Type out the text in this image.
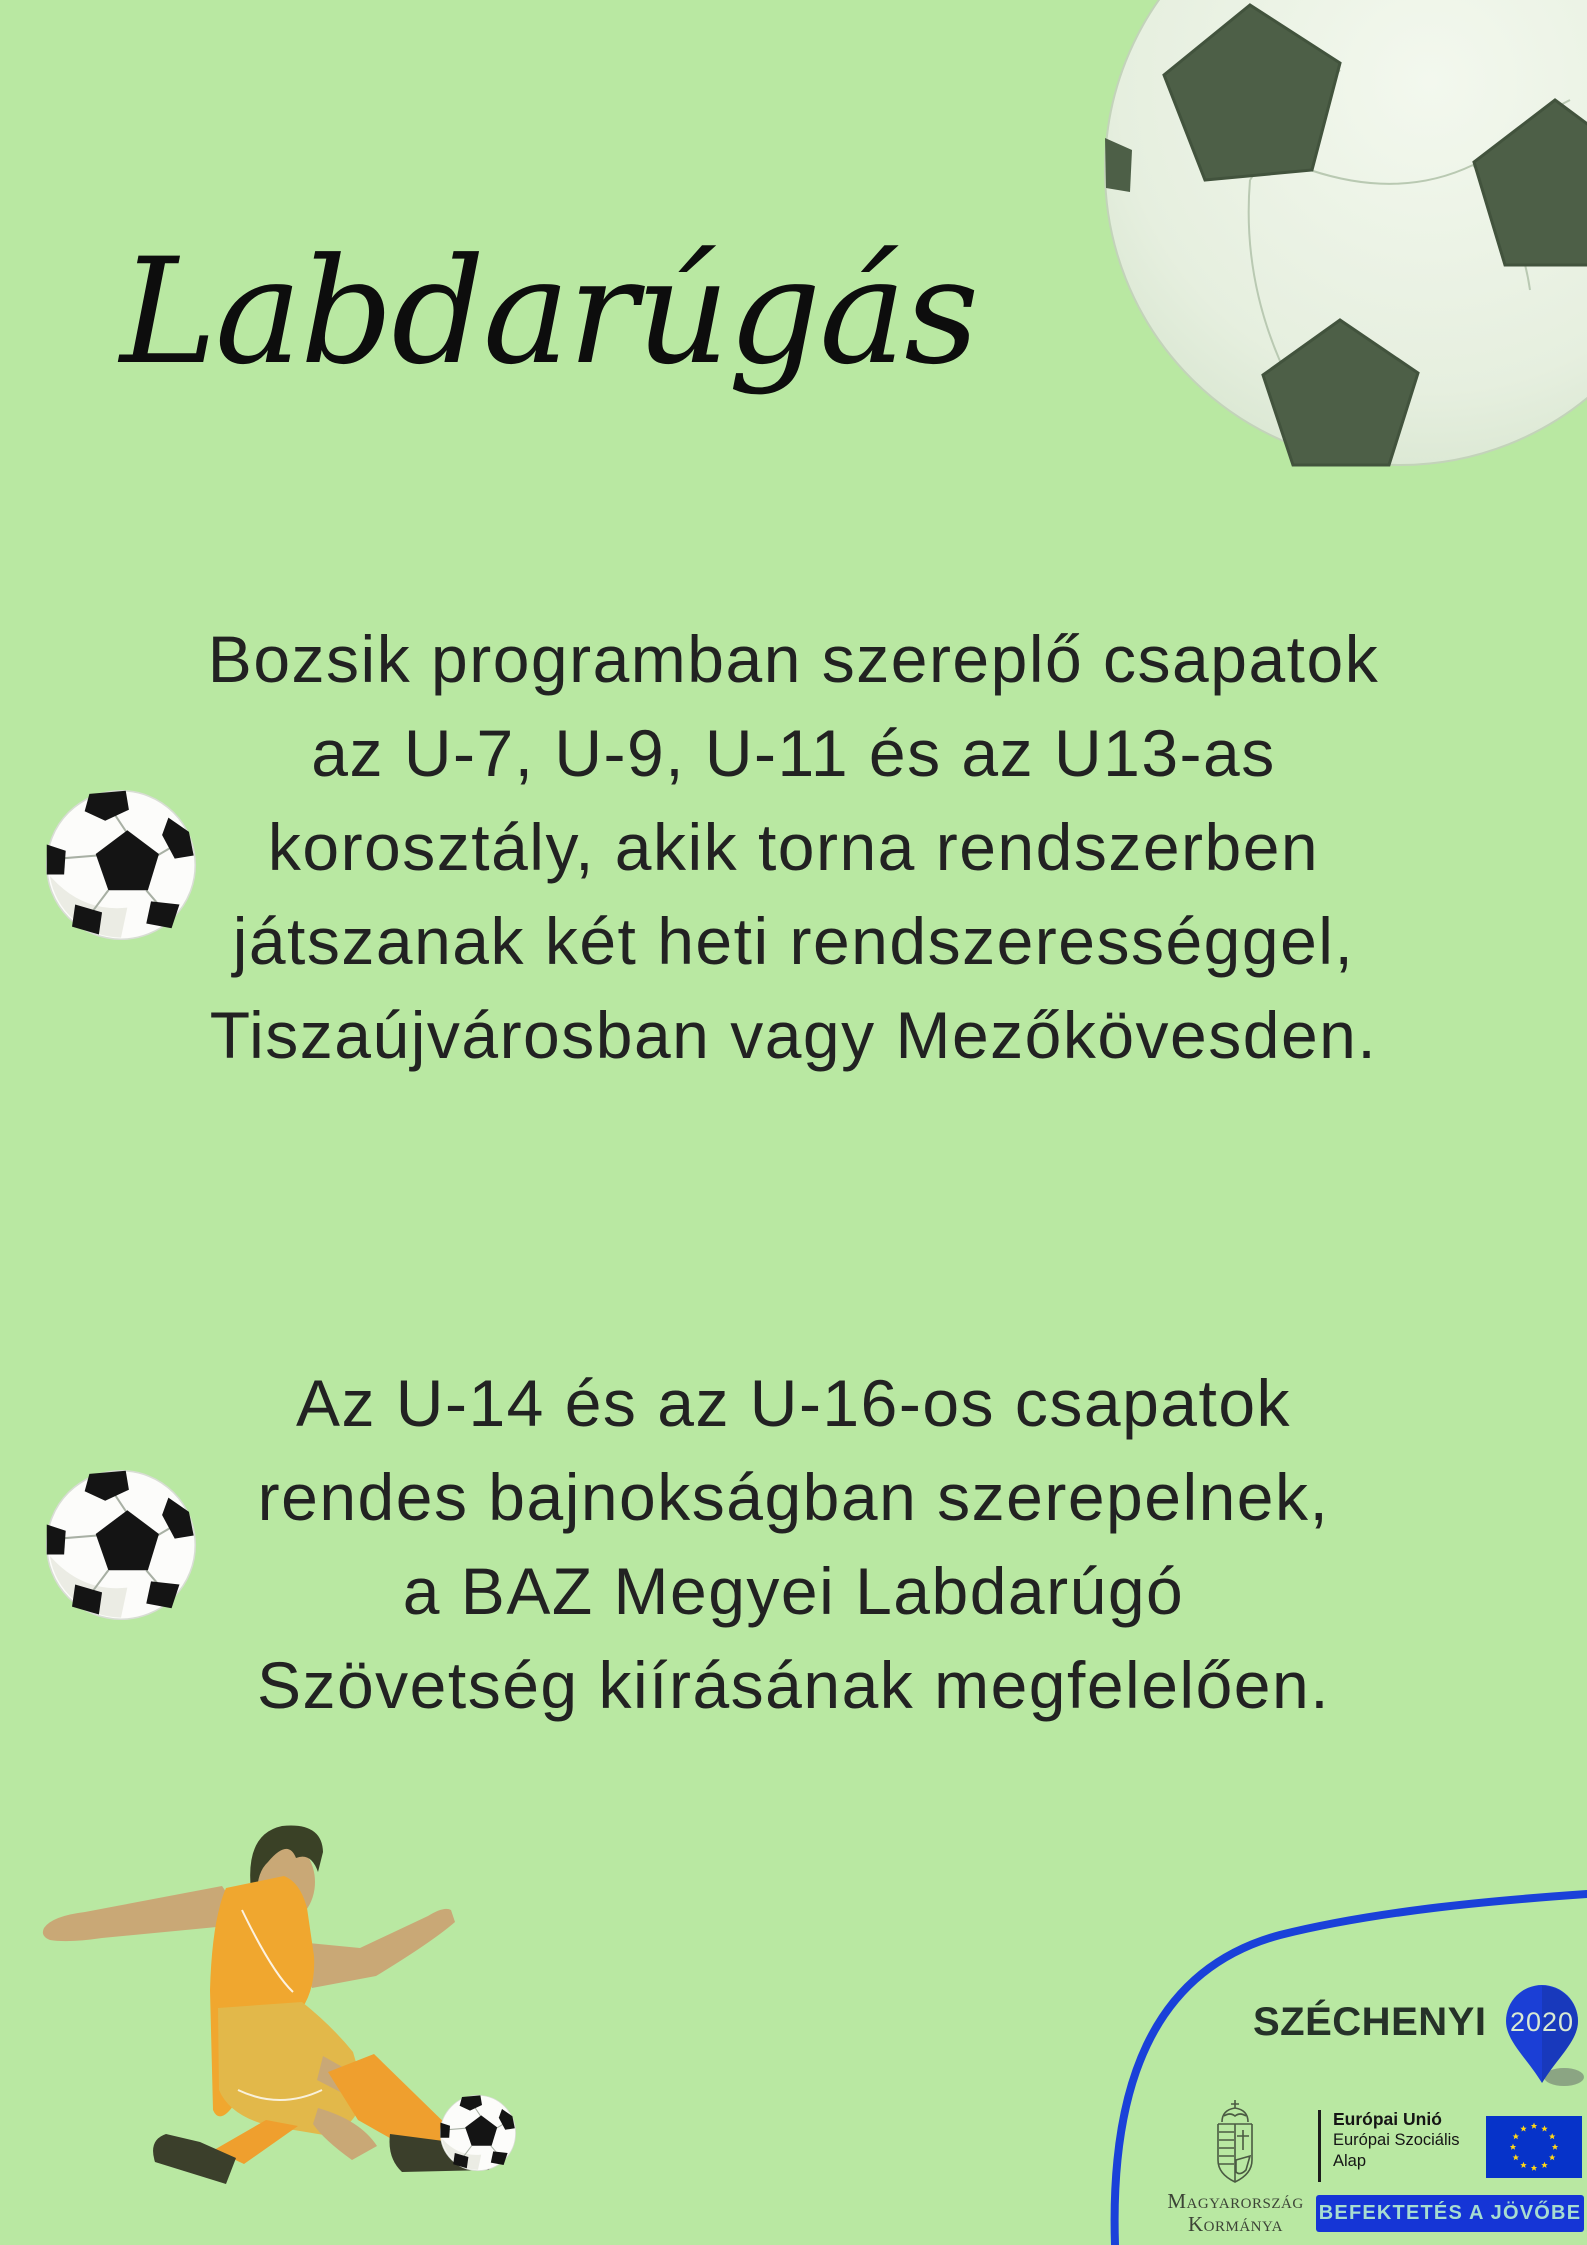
Labdarúgás
Bozsik programban szereplő csapatok
az U-7, U-9, U-11 és az U13-as
korosztály, akik torna rendszerben
játszanak két heti rendszerességgel,
Tiszaújvárosban vagy Mezőkövesden.
Az U-14 és az U-16-os csapatok
rendes bajnokságban szerepelnek,
a BAZ Megyei Labdarúgó
Szövetség kiírásának megfelelően.
SZÉCHENYI 2020
Magyarország
Kormánya
Európai Unió
Európai Szociális
Alap
BEFEKTETÉS A JÖVŐBE
